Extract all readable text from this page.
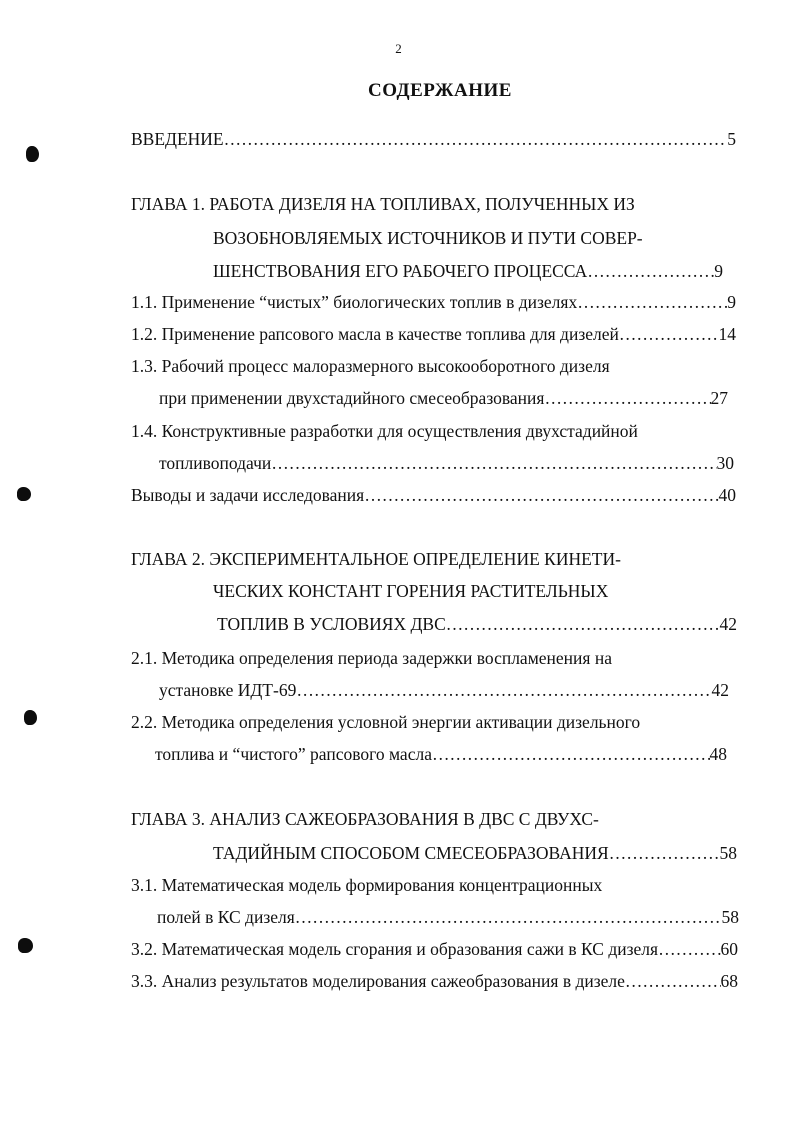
2
СОДЕРЖАНИЕ
ВВЕДЕНИЕ ……………………………………………………………………………………………………………………………………………………………………………………	5
ГЛАВА 1. РАБОТА ДИЗЕЛЯ НА ТОПЛИВАХ, ПОЛУЧЕННЫХ ИЗ
ВОЗОБНОВЛЯЕМЫХ ИСТОЧНИКОВ И ПУТИ СОВЕР-
ШЕНСТВОВАНИЯ ЕГО РАБОЧЕГО ПРОЦЕССА ……………………………………………………………………………………………………………………………………………………………………………………	9
1.1. Применение “чистых” биологических топлив в дизелях ……………………………………………………………………………………………………………………………………………………………………………………	9
1.2. Применение рапсового масла в качестве топлива для дизелей ……………………………………………………………………………………………………………………………………………………………………………………	14
1.3. Рабочий процесс малоразмерного высокооборотного дизеля
при применении двухстадийного смесеобразования ……………………………………………………………………………………………………………………………………………………………………………………	27
1.4. Конструктивные разработки для осуществления двухстадийной
топливоподачи ……………………………………………………………………………………………………………………………………………………………………………………	30
Выводы и задачи исследования ……………………………………………………………………………………………………………………………………………………………………………………	40
ГЛАВА 2. ЭКСПЕРИМЕНТАЛЬНОЕ ОПРЕДЕЛЕНИЕ КИНЕТИ-
ЧЕСКИХ КОНСТАНТ ГОРЕНИЯ РАСТИТЕЛЬНЫХ
ТОПЛИВ В УСЛОВИЯХ ДВС ……………………………………………………………………………………………………………………………………………………………………………………	42
2.1. Методика определения периода задержки воспламенения на
установке ИДТ-69 ……………………………………………………………………………………………………………………………………………………………………………………	42
2.2. Методика определения условной энергии активации дизельного
топлива и “чистого” рапсового масла ……………………………………………………………………………………………………………………………………………………………………………………	48
ГЛАВА 3. АНАЛИЗ САЖЕОБРАЗОВАНИЯ В ДВС С ДВУХС-
ТАДИЙНЫМ СПОСОБОМ СМЕСЕОБРАЗОВАНИЯ ……………………………………………………………………………………………………………………………………………………………………………………	58
3.1. Математическая модель формирования концентрационных
полей в КС дизеля ……………………………………………………………………………………………………………………………………………………………………………………	58
3.2. Математическая модель сгорания и образования сажи в КС дизеля ……………………………………………………………………………………………………………………………………………………………………………………	60
3.3. Анализ результатов моделирования сажеобразования в дизеле ……………………………………………………………………………………………………………………………………………………………………………………	68
